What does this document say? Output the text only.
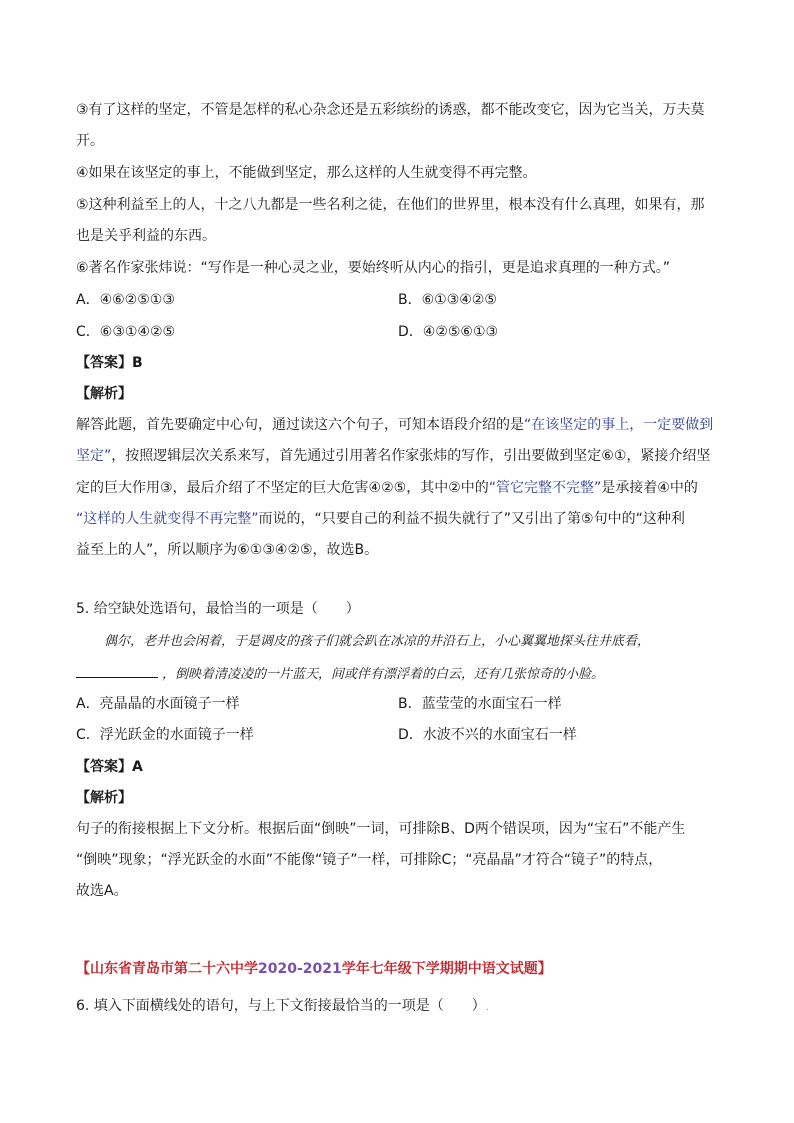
③有了这样的坚定，不管是怎样的私心杂念还是五彩缤纷的诱惑，都不能改变它，因为它当关，万夫莫
开。
④如果在该坚定的事上，不能做到坚定，那么这样的人生就变得不再完整。
⑤这种利益至上的人，十之八九都是一些名利之徒，在他们的世界里，根本没有什么真理，如果有，那
也是关乎利益的东西。
⑥著名作家张炜说：“写作是一种心灵之业，要始终听从内心的指引，更是追求真理的一种方式。”
A．④⑥②⑤①③	B．⑥①③④②⑤
C．⑥③①④②⑤	D．④②⑤⑥①③
【答案】B
【解析】
解答此题，首先要确定中心句，通过读这六个句子，可知本语段介绍的是“在该坚定的事上，一定要做到
坚定”，按照逻辑层次关系来写，首先通过引用著名作家张炜的写作，引出要做到坚定⑥①，紧接介绍坚
定的巨大作用③，最后介绍了不坚定的巨大危害④②⑤，其中②中的“管它完整不完整”是承接着④中的
“这样的人生就变得不再完整”而说的，“只要自己的利益不损失就行了”又引出了第⑤句中的“这种利
益至上的人”，所以顺序为⑥①③④②⑤，故选B。
5. 给空缺处选语句，最恰当的一项是（　　）
偶尔，老井也会闲着，于是调皮的孩子们就会趴在冰凉的井沿石上，小心翼翼地探头往井底看，
，倒映着清凌凌的一片蓝天，间或伴有漂浮着的白云，还有几张惊奇的小脸。
A．亮晶晶的水面镜子一样	B．蓝莹莹的水面宝石一样
C．浮光跃金的水面镜子一样	D．水波不兴的水面宝石一样
【答案】A
【解析】
句子的衔接根据上下文分析。根据后面“倒映”一词，可排除B、D两个错误项，因为“宝石”不能产生
“倒映”现象；“浮光跃金的水面”不能像“镜子”一样，可排除C；“亮晶晶”才符合“镜子”的特点，
故选A。
【山东省青岛市第二十六中学2020-2021学年七年级下学期期中语文试题】
6. 填入下面横线处的语句，与上下文衔接最恰当的一项是（　　）.
